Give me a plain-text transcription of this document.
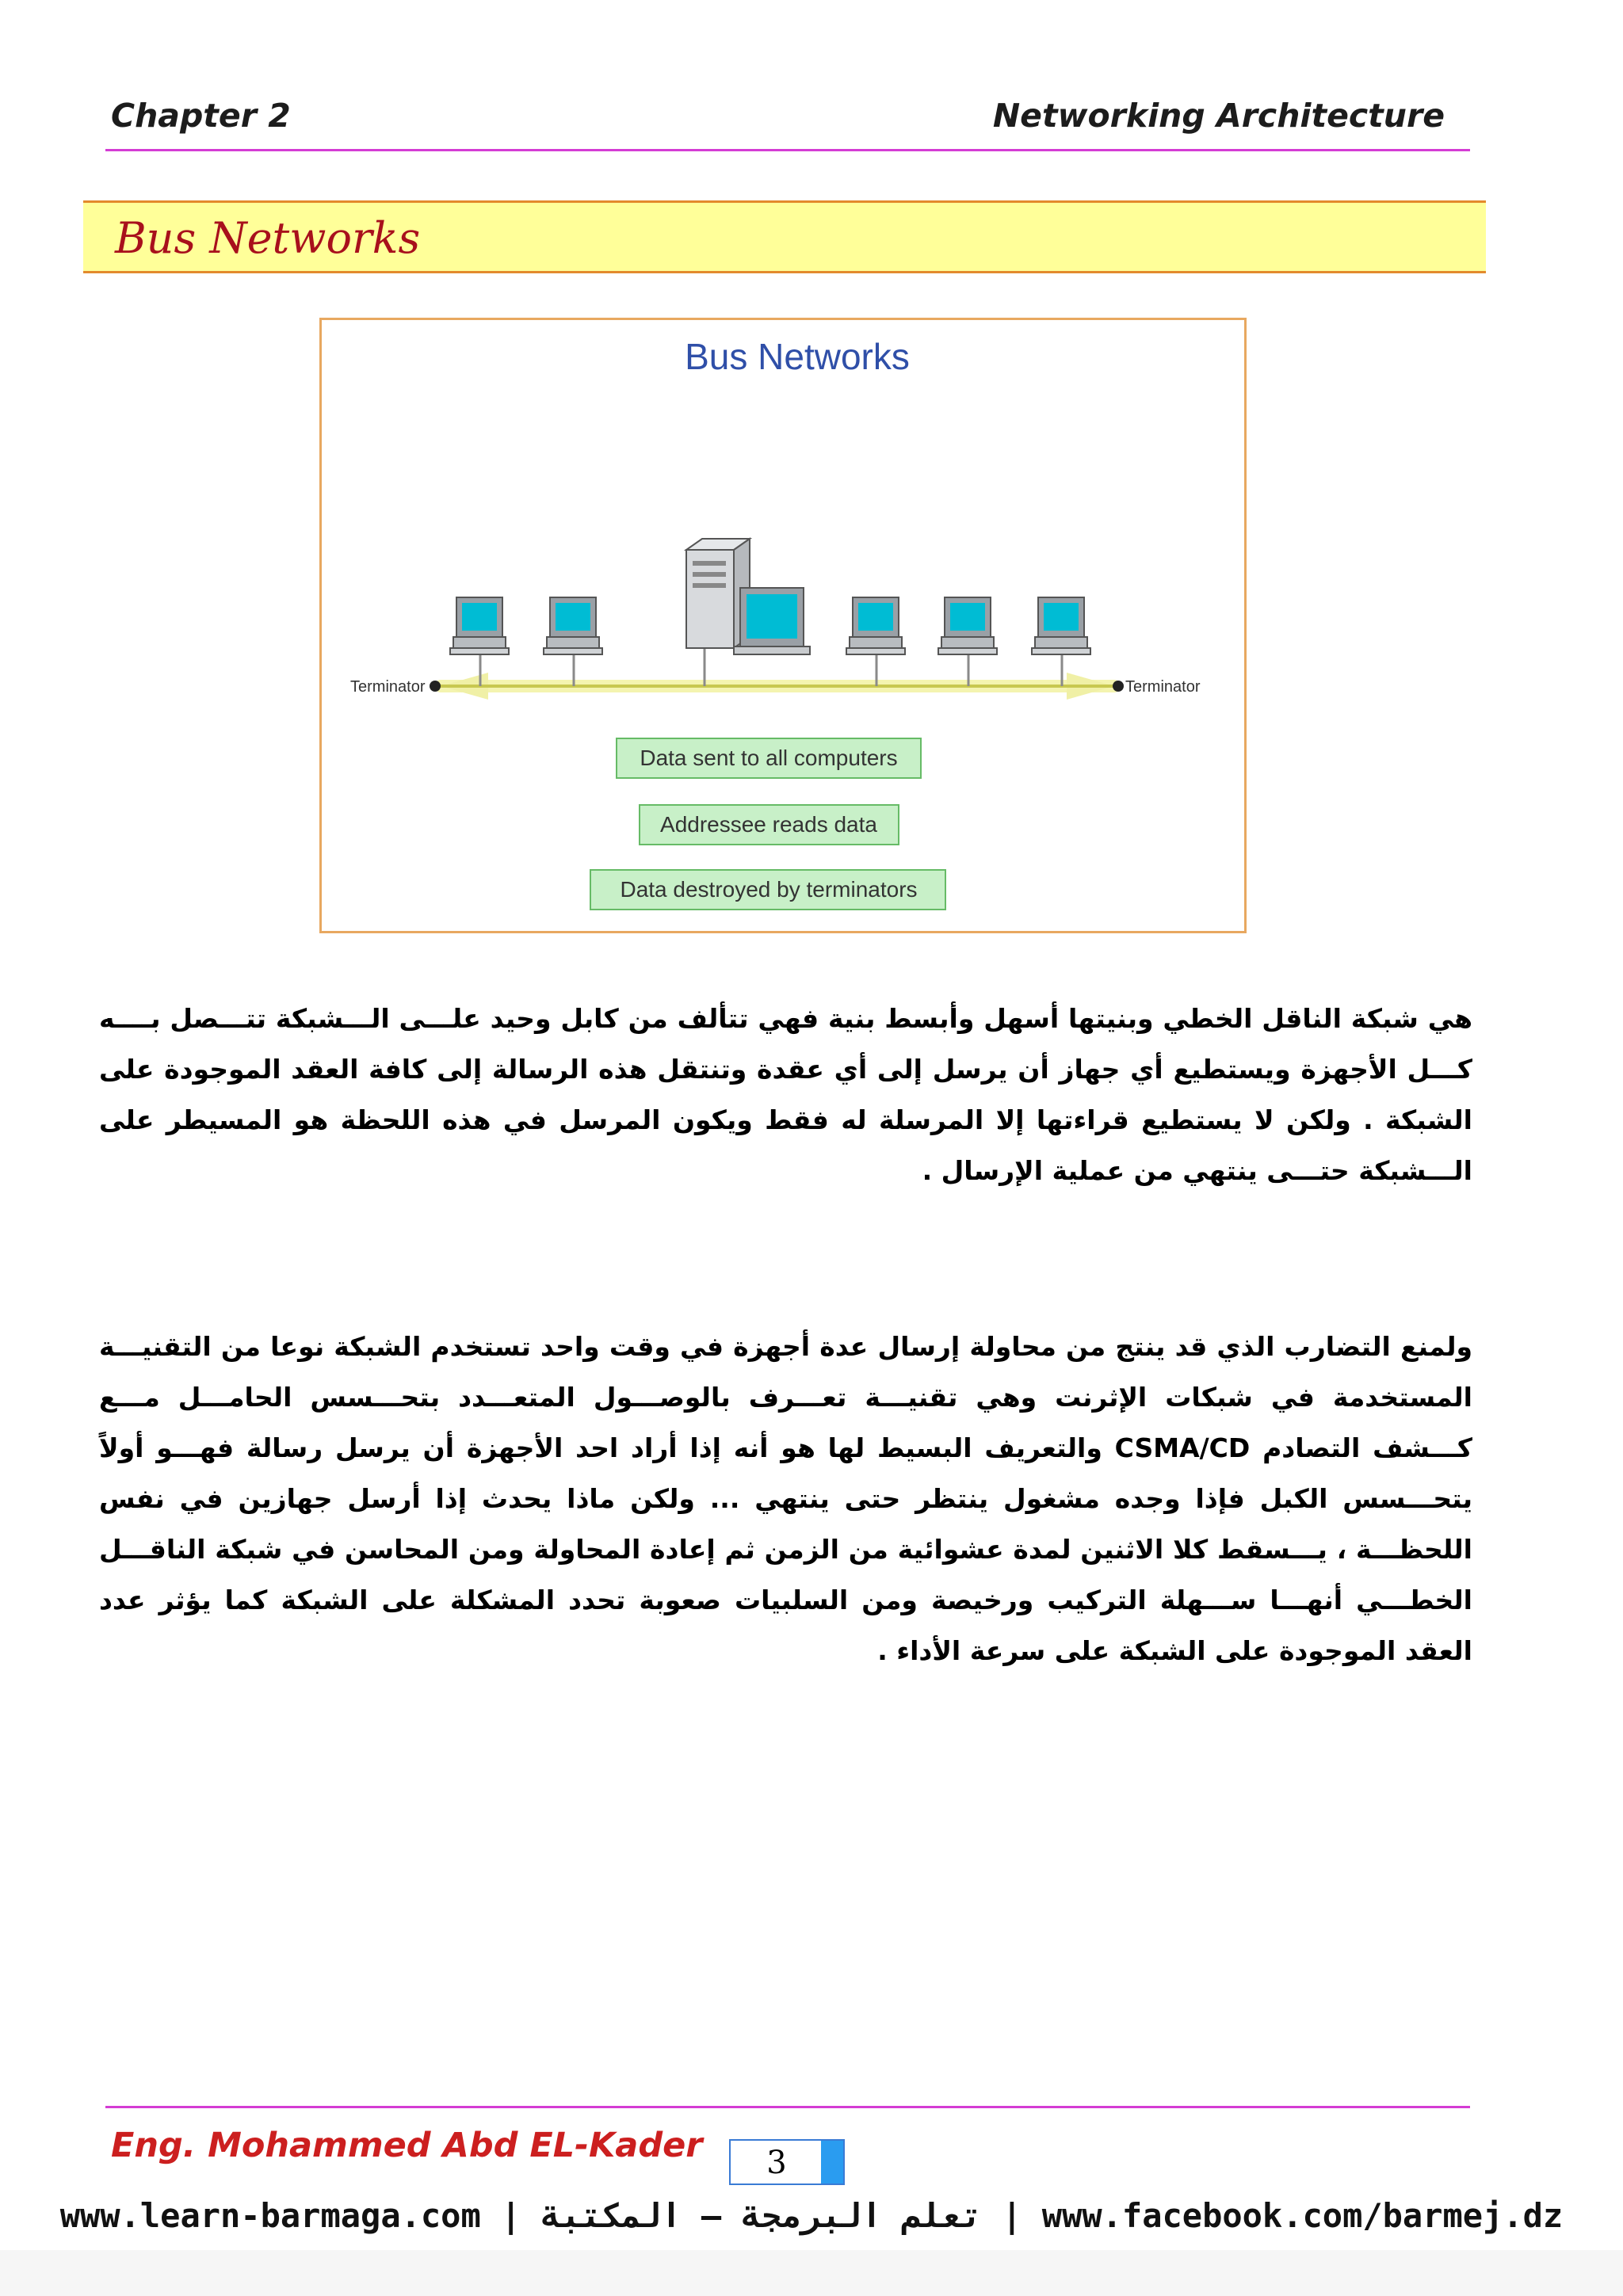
Chapter 2	Networking Architecture
Bus Networks
Bus Networks
Terminator	Terminator
Data sent to all computers
Addressee reads data
Data destroyed by terminators
هي شبكة الناقل الخطي وبنيتها أسهل وأبسط بنية فهي تتألف من كابل وحيد علـــى الـــشبكة تتـــصل بــــه كـــل الأجهزة ويستطيع أي جهاز أن يرسل إلى أي عقدة وتنتقل هذه الرسالة إلى كافة العقد الموجودة على الشبكة . ولكن لا يستطيع قراءتها إلا المرسلة له فقط ويكون المرسل في هذه اللحظة هو المسيطر على الـــشبكة حتـــى ينتهي من عملية الإرسال .
ولمنع التضارب الذي قد ينتج من محاولة إرسال عدة أجهزة في وقت واحد تستخدم الشبكة نوعا من التقنيـــة المستخدمة في شبكات الإثرنت وهي تقنيـــة تعـــرف بالوصـــول المتعـــدد بتحـــسس الحامـــل مـــع كـــشف التصادم CSMA/CD والتعريف البسيط لها هو أنه إذا أراد احد الأجهزة أن يرسل رسالة فهـــو أولاً يتحـــسس الكبل فإذا وجده مشغول ينتظر حتى ينتهي ... ولكن ماذا يحدث إذا أرسل جهازين في نفس اللحظـــة ، يـــسقط كلا الاثنين لمدة عشوائية من الزمن ثم إعادة المحاولة ومن المحاسن في شبكة الناقـــل الخطـــي أنهـــا ســـهلة التركيب ورخيصة ومن السلبيات صعوبة تحدد المشكلة على الشبكة كما يؤثر عدد العقد الموجودة على الشبكة على سرعة الأداء .
Eng. Mohammed Abd EL-Kader	3
www.learn-barmaga.com | تعلم البرمجة – المكتبة | www.facebook.com/barmej.dz
